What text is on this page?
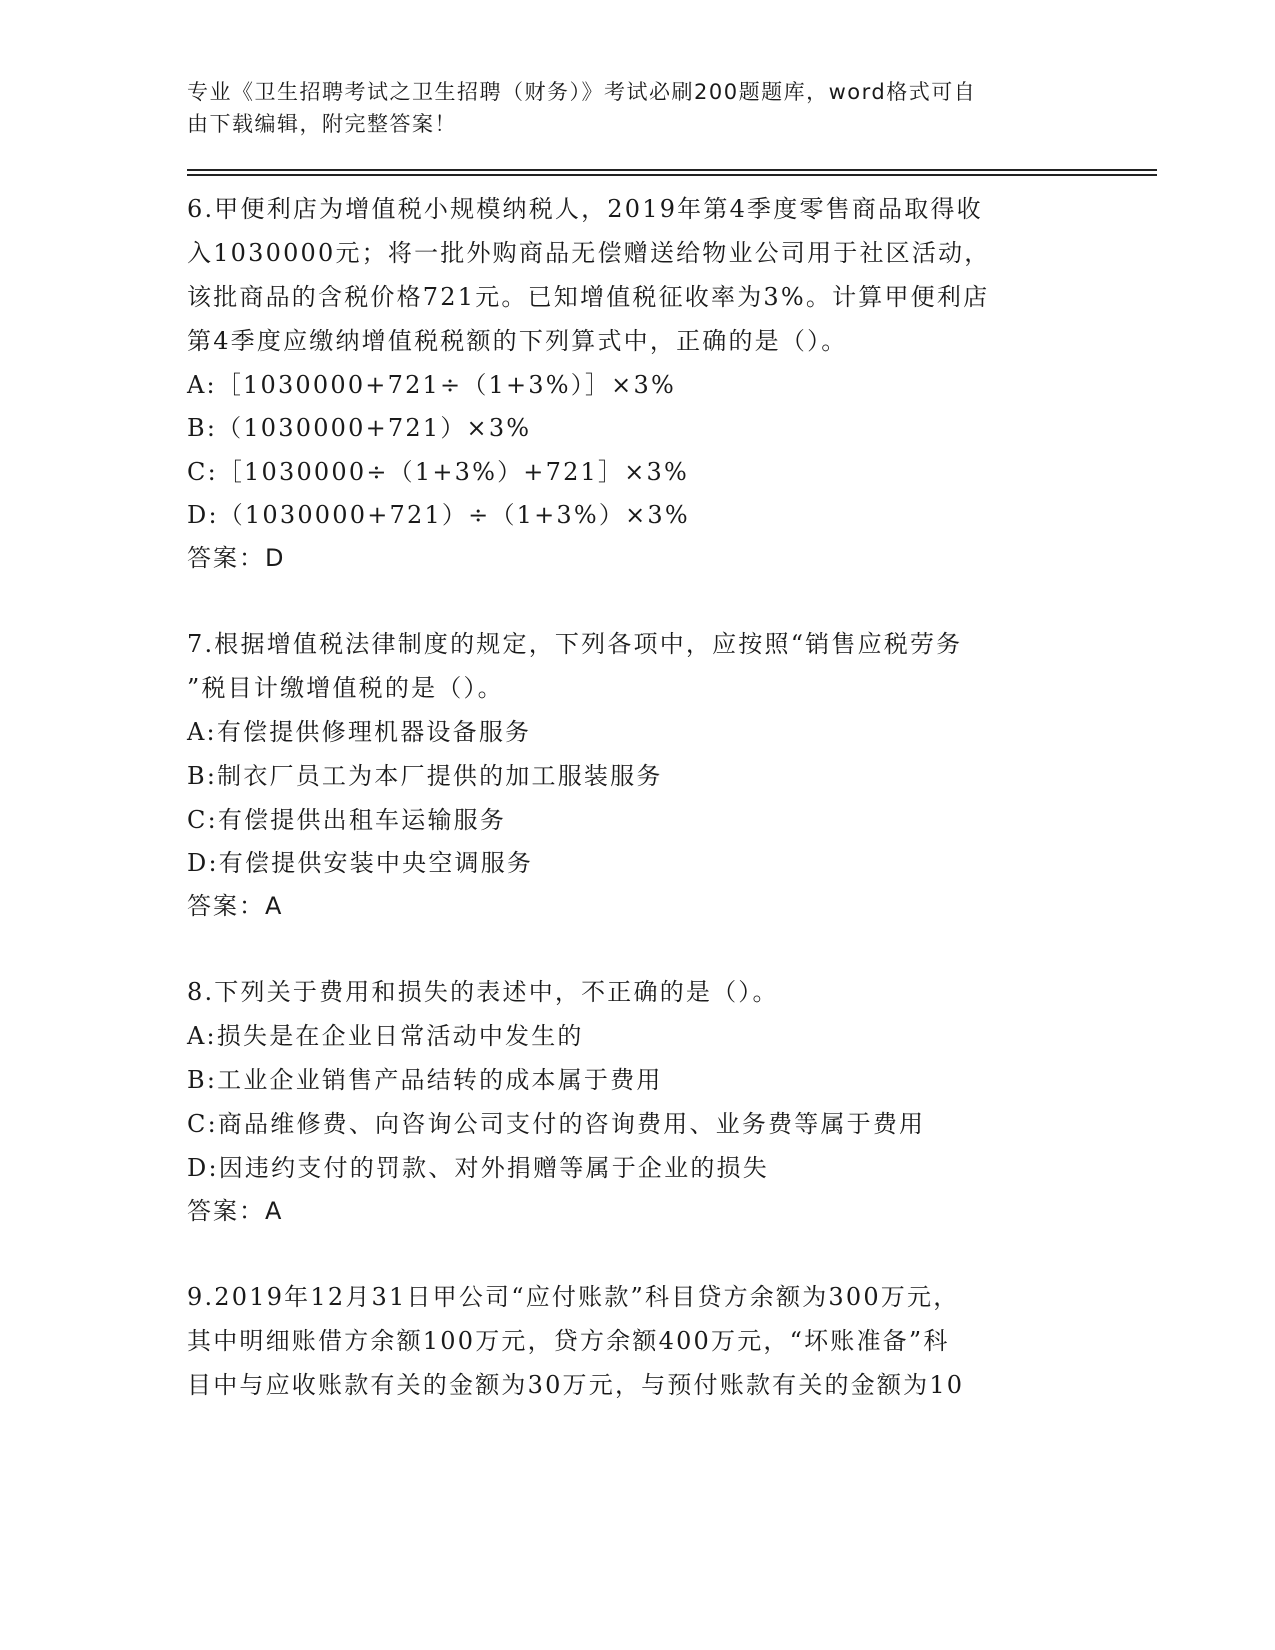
专业《卫生招聘考试之卫生招聘（财务）》考试必刷200题题库，word格式可自
由下载编辑，附完整答案！
6.甲便利店为增值税小规模纳税人，2019年第4季度零售商品取得收
入1030000元；将一批外购商品无偿赠送给物业公司用于社区活动，
该批商品的含税价格721元。已知增值税征收率为3%。计算甲便利店
第4季度应缴纳增值税税额的下列算式中，正确的是（）。
A:［1030000+721÷（1+3%）］×3%
B:（1030000+721）×3%
C:［1030000÷（1+3%）+721］×3%
D:（1030000+721）÷（1+3%）×3%
答案：D
7.根据增值税法律制度的规定，下列各项中，应按照“销售应税劳务
”税目计缴增值税的是（）。
A:有偿提供修理机器设备服务
B:制衣厂员工为本厂提供的加工服装服务
C:有偿提供出租车运输服务
D:有偿提供安装中央空调服务
答案：A
8.下列关于费用和损失的表述中，不正确的是（）。
A:损失是在企业日常活动中发生的
B:工业企业销售产品结转的成本属于费用
C:商品维修费、向咨询公司支付的咨询费用、业务费等属于费用
D:因违约支付的罚款、对外捐赠等属于企业的损失
答案：A
9.2019年12月31日甲公司“应付账款”科目贷方余额为300万元，
其中明细账借方余额100万元，贷方余额400万元，“坏账准备”科
目中与应收账款有关的金额为30万元，与预付账款有关的金额为10
